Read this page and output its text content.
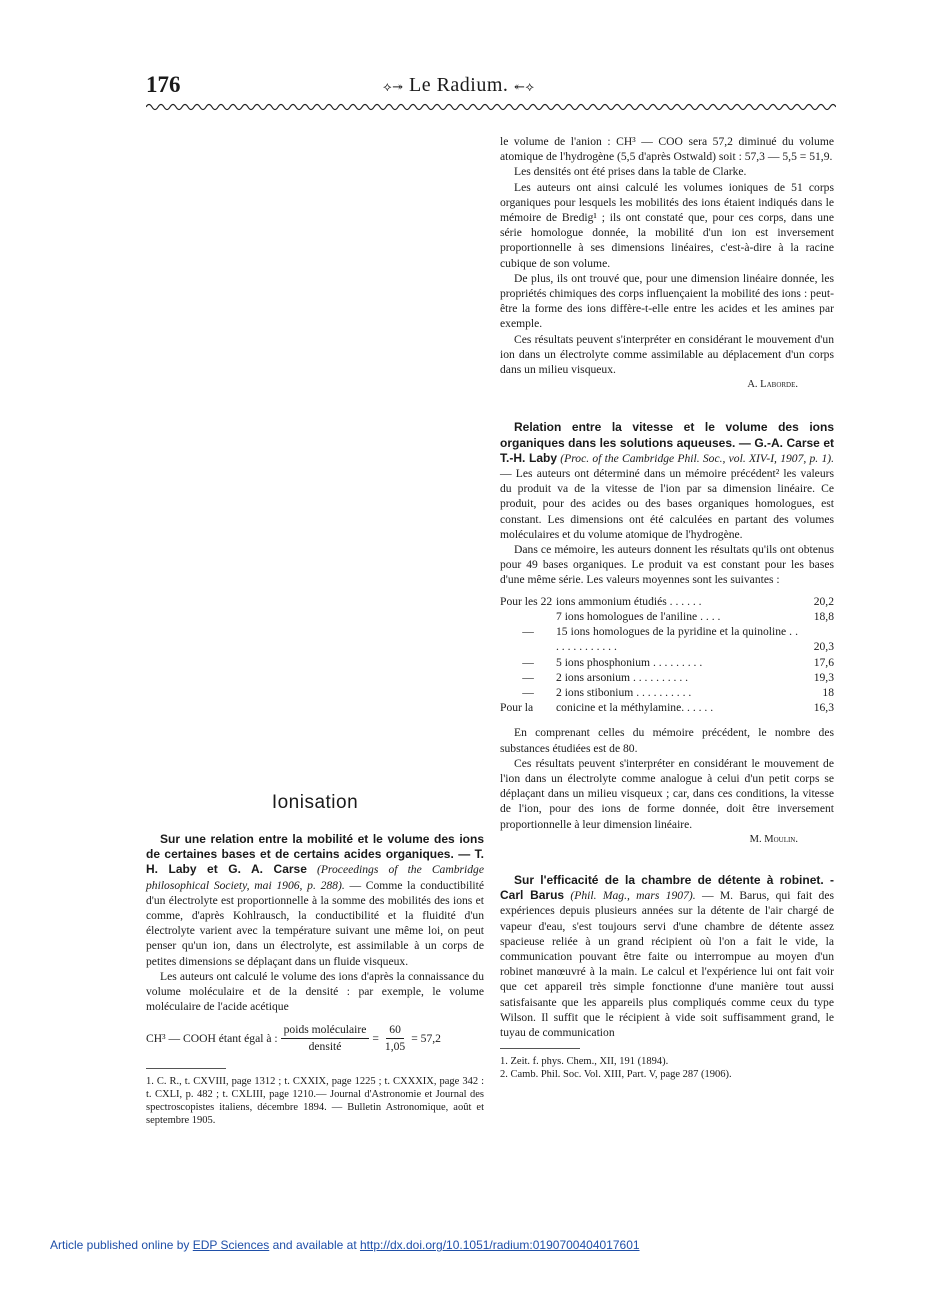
176	⟡↠ Le Radium. ↞⟡

le volume de l'anion : CH³ — COO sera 57,2 diminué du volume atomique de l'hydrogène (5,5 d'après Ostwald) soit : 57,3 — 5,5 = 51,9.

Les densités ont été prises dans la table de Clarke.

Les auteurs ont ainsi calculé les volumes ioniques de 51 corps organiques pour lesquels les mobilités des ions étaient indiqués dans le mémoire de Bredig¹ ; ils ont constaté que, pour ces corps, dans une série homologue donnée, la mobilité d'un ion est inversement proportionnelle à ses dimensions linéaires, c'est-à-dire à la racine cubique de son volume.

De plus, ils ont trouvé que, pour une dimension linéaire donnée, les propriétés chimiques des corps influençaient la mobilité des ions : peut-être la forme des ions diffère-t-elle entre les acides et les amines par exemple.

Ces résultats peuvent s'interpréter en considérant le mouvement d'un ion dans un électrolyte comme assimilable au déplacement d'un corps dans un milieu visqueux.

A. Laborde.

Relation entre la vitesse et le volume des ions organiques dans les solutions aqueuses. — G.-A. Carse et T.-H. Laby (Proc. of the Cambridge Phil. Soc., vol. XIV-I, 1907, p. 1). — Les auteurs ont déterminé dans un mémoire précédent² les valeurs du produit va de la vitesse de l'ion par sa dimension linéaire. Ce produit, pour des acides ou des bases organiques homologues, est constant. Les dimensions ont été calculées en partant des volumes moléculaires et du volume atomique de l'hydrogène.

Dans ce mémoire, les auteurs donnent les résultats qu'ils ont obtenus pour 49 bases organiques. Le produit va est constant pour les bases d'une même série. Les valeurs moyennes sont les suivantes :

Pour les 22	ions ammonium étudiés . . . . . .	20,2
	7 ions homologues de l'aniline . . . .	18,8
—	15 ions homologues de la pyridine et la quinoline . . . . . . . . . . . . .	20,3
—	5 ions phosphonium . . . . . . . . .	17,6
—	2 ions arsonium . . . . . . . . . .	19,3
—	2 ions stibonium . . . . . . . . . .	18
Pour la	conicine et la méthylamine. . . . . .	16,3

En comprenant celles du mémoire précédent, le nombre des substances étudiées est de 80.

Ces résultats peuvent s'interpréter en considérant le mouvement de l'ion dans un électrolyte comme analogue à celui d'un petit corps se déplaçant dans un milieu visqueux ; car, dans ces conditions, la vitesse de l'ion, pour des ions de forme donnée, doit être inversement proportionnelle à leur dimension linéaire.

M. Moulin.

Sur l'efficacité de la chambre de détente à robinet. - Carl Barus (Phil. Mag., mars 1907). — M. Barus, qui fait des expériences depuis plusieurs années sur la détente de l'air chargé de vapeur d'eau, s'est toujours servi d'une chambre de détente assez spacieuse reliée à un grand récipient où l'on a fait le vide, la communication pouvant être faite ou interrompue au moyen d'un robinet manœuvré à la main. Le calcul et l'expérience lui ont fait voir que cet appareil très simple fonctionne d'une manière tout aussi satisfaisante que les appareils plus compliqués comme ceux du type Wilson. Il suffit que le récipient à vide soit suffisamment grand, le tuyau de communication

1. Zeit. f. phys. Chem., XII, 191 (1894).
2. Camb. Phil. Soc. Vol. XIII, Part. V, page 287 (1906).
Ionisation

Sur une relation entre la mobilité et le volume des ions de certaines bases et de certains acides organiques. — T. H. Laby et G. A. Carse (Proceedings of the Cambridge philosophical Society, mai 1906, p. 288). — Comme la conductibilité d'un électrolyte est proportionnelle à la somme des mobilités des ions et comme, d'après Kohlrausch, la conductibilité et la fluidité d'un électrolyte varient avec la température suivant une même loi, on peut penser qu'un ion, dans un électrolyte, est assimilable à un corps de petites dimensions se déplaçant dans un fluide visqueux.

Les auteurs ont calculé le volume des ions d'après la connaissance du volume moléculaire et de la densité : par exemple, le volume moléculaire de l'acide acétique

CH³ — COOH étant égal à : $\frac{\text{poids moléculaire}}{\text{densité}} = \frac{60}{1,05} = 57,2$
1. C. R., t. CXVIII, page 1312 ; t. CXXIX, page 1225 ; t. CXXXIX, page 342 : t. CXLI, p. 482 ; t. CXLIII, page 1210.— Journal d'Astronomie et Journal des spectroscopistes italiens, décembre 1894. — Bulletin Astronomique, août et septembre 1905.
Article published online by EDP Sciences and available at http://dx.doi.org/10.1051/radium:0190700404017601
